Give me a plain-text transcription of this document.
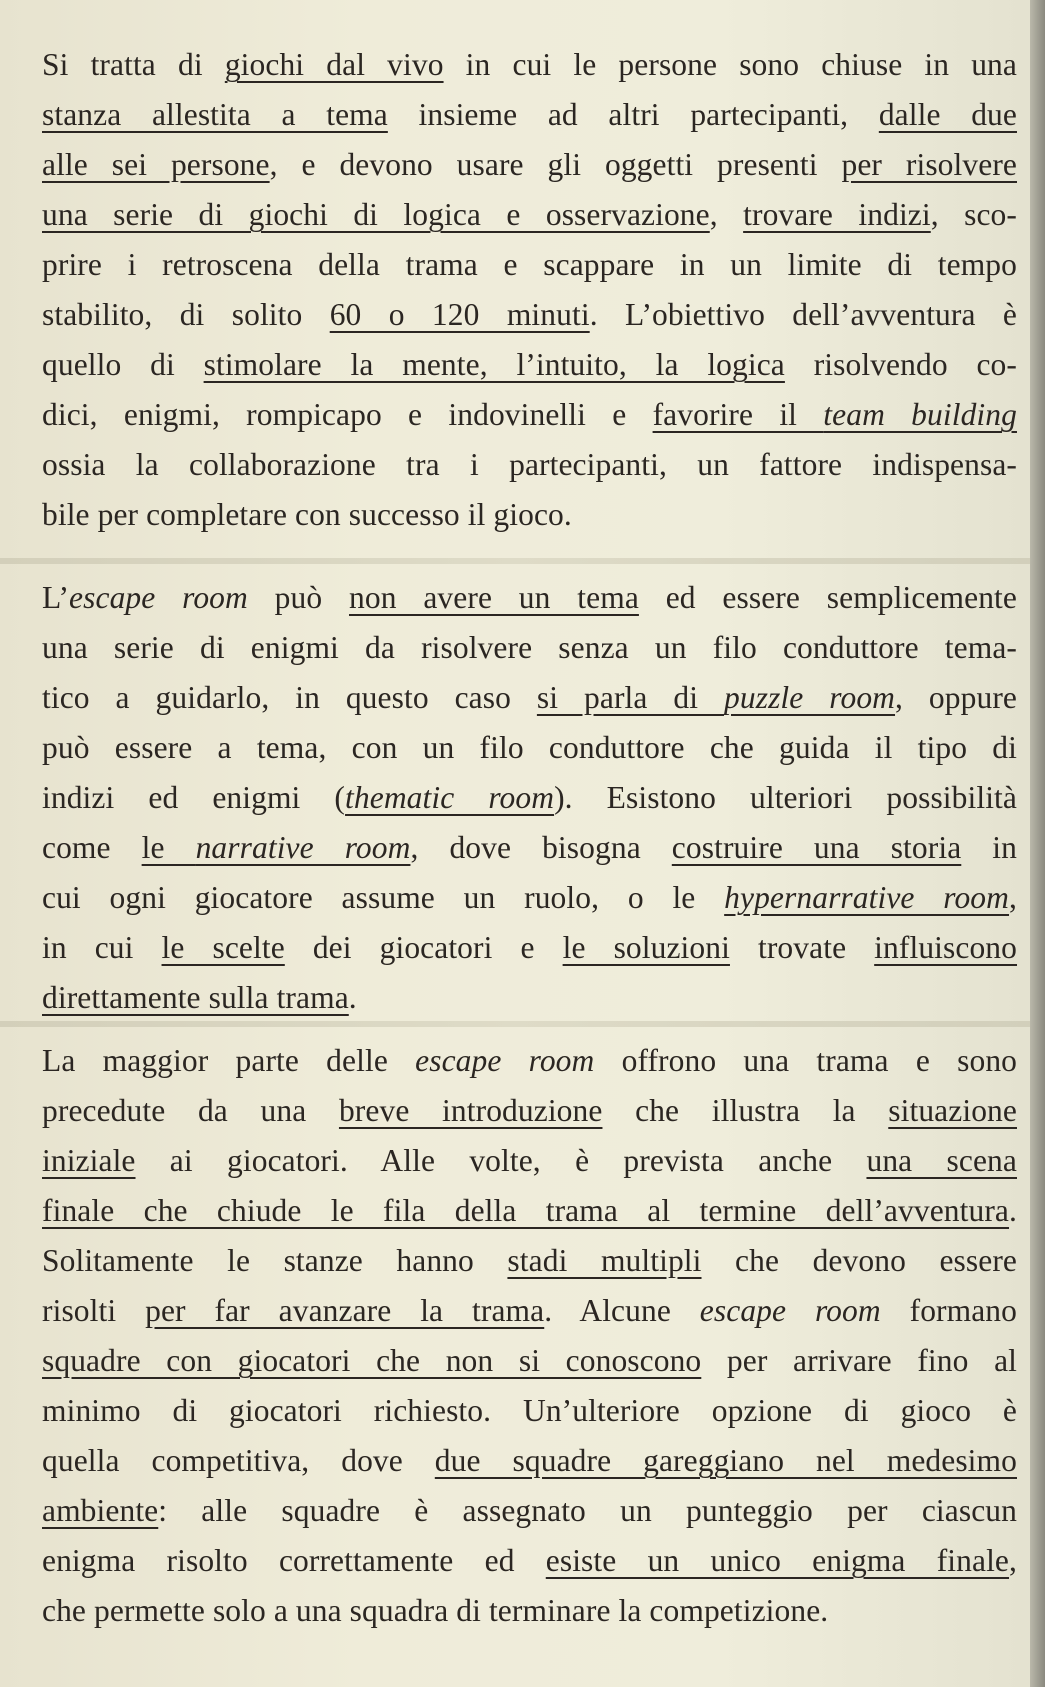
Si tratta di giochi dal vivo in cui le persone sono chiuse in una
stanza allestita a tema insieme ad altri partecipanti, dalle due
alle sei persone, e devono usare gli oggetti presenti per risolvere
una serie di giochi di logica e osservazione, trovare indizi, sco-
prire i retroscena della trama e scappare in un limite di tempo
stabilito, di solito 60 o 120 minuti. L’obiettivo dell’avventura è
quello di stimolare la mente, l’intuito, la logica risolvendo co-
dici, enigmi, rompicapo e indovinelli e favorire il team building
ossia la collaborazione tra i partecipanti, un fattore indispensa-
bile per completare con successo il gioco.
L’escape room può non avere un tema ed essere semplicemente
una serie di enigmi da risolvere senza un filo conduttore tema-
tico a guidarlo, in questo caso si parla di puzzle room, oppure
può essere a tema, con un filo conduttore che guida il tipo di
indizi ed enigmi (thematic room). Esistono ulteriori possibilità
come le narrative room, dove bisogna costruire una storia in
cui ogni giocatore assume un ruolo, o le hypernarrative room,
in cui le scelte dei giocatori e le soluzioni trovate influiscono
direttamente sulla trama.
La maggior parte delle escape room offrono una trama e sono
precedute da una breve introduzione che illustra la situazione
iniziale ai giocatori. Alle volte, è prevista anche una scena
finale che chiude le fila della trama al termine dell’avventura.
Solitamente le stanze hanno stadi multipli che devono essere
risolti per far avanzare la trama. Alcune escape room formano
squadre con giocatori che non si conoscono per arrivare fino al
minimo di giocatori richiesto. Un’ulteriore opzione di gioco è
quella competitiva, dove due squadre gareggiano nel medesimo
ambiente: alle squadre è assegnato un punteggio per ciascun
enigma risolto correttamente ed esiste un unico enigma finale,
che permette solo a una squadra di terminare la competizione.
